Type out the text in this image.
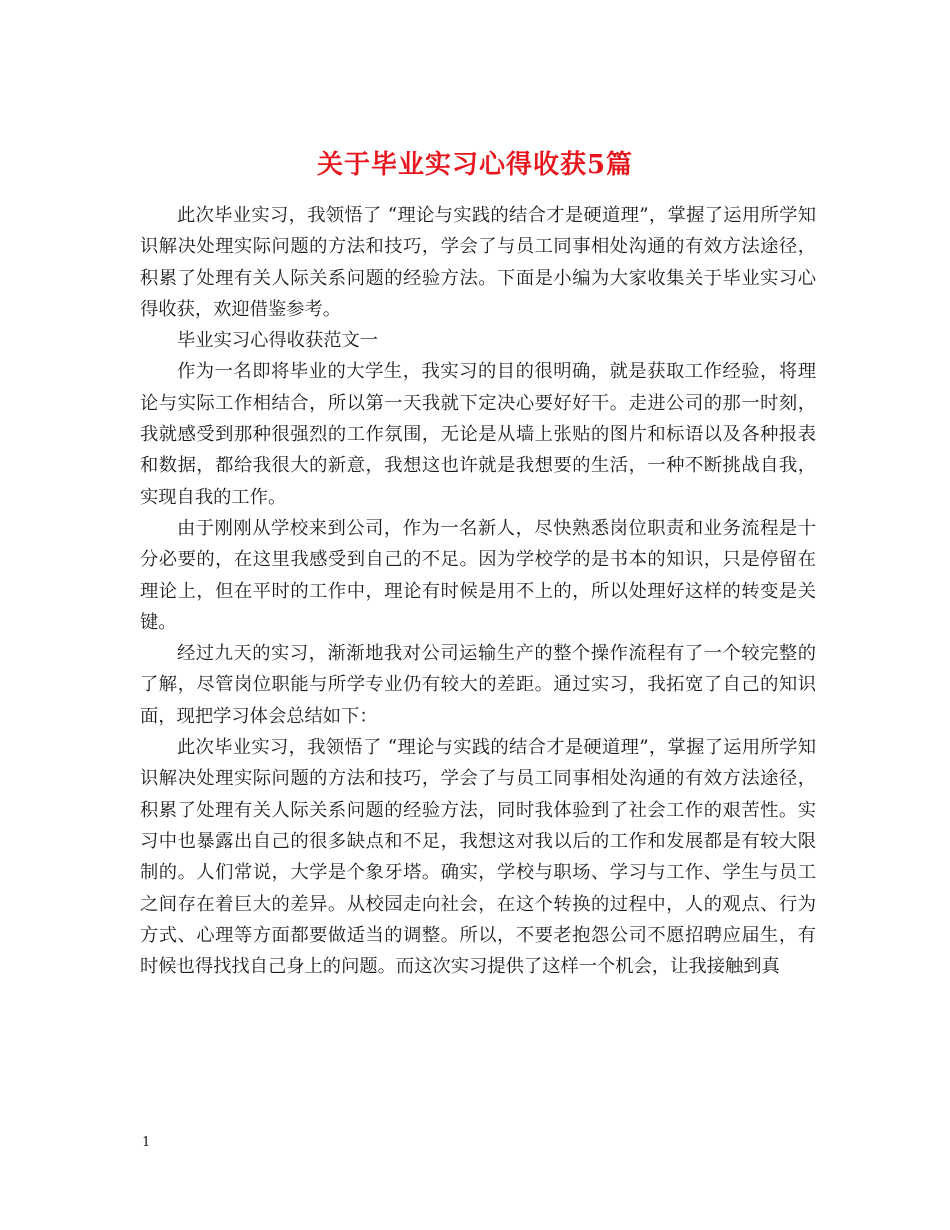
关于毕业实习心得收获5篇

此次毕业实习，我领悟了 “理论与实践的结合才是硬道理”，掌握了运用所学知识解决处理实际问题的方法和技巧，学会了与员工同事相处沟通的有效方法途径，积累了处理有关人际关系问题的经验方法。下面是小编为大家收集关于毕业实习心得收获，欢迎借鉴参考。

毕业实习心得收获范文一

作为一名即将毕业的大学生，我实习的目的很明确，就是获取工作经验，将理论与实际工作相结合，所以第一天我就下定决心要好好干。走进公司的那一时刻，我就感受到那种很强烈的工作氛围，无论是从墙上张贴的图片和标语以及各种报表和数据，都给我很大的新意，我想这也许就是我想要的生活，一种不断挑战自我，实现自我的工作。

由于刚刚从学校来到公司，作为一名新人，尽快熟悉岗位职责和业务流程是十分必要的，在这里我感受到自己的不足。因为学校学的是书本的知识，只是停留在理论上，但在平时的工作中，理论有时候是用不上的，所以处理好这样的转变是关键。

经过九天的实习，渐渐地我对公司运输生产的整个操作流程有了一个较完整的了解，尽管岗位职能与所学专业仍有较大的差距。通过实习，我拓宽了自己的知识面，现把学习体会总结如下：

此次毕业实习，我领悟了 “理论与实践的结合才是硬道理”，掌握了运用所学知识解决处理实际问题的方法和技巧，学会了与员工同事相处沟通的有效方法途径，积累了处理有关人际关系问题的经验方法，同时我体验到了社会工作的艰苦性。实习中也暴露出自己的很多缺点和不足，我想这对我以后的工作和发展都是有较大限制的。人们常说，大学是个象牙塔。确实，学校与职场、学习与工作、学生与员工之间存在着巨大的差异。从校园走向社会，在这个转换的过程中，人的观点、行为方式、心理等方面都要做适当的调整。所以，不要老抱怨公司不愿招聘应届生，有时候也得找找自己身上的问题。而这次实习提供了这样一个机会，让我接触到真

1
